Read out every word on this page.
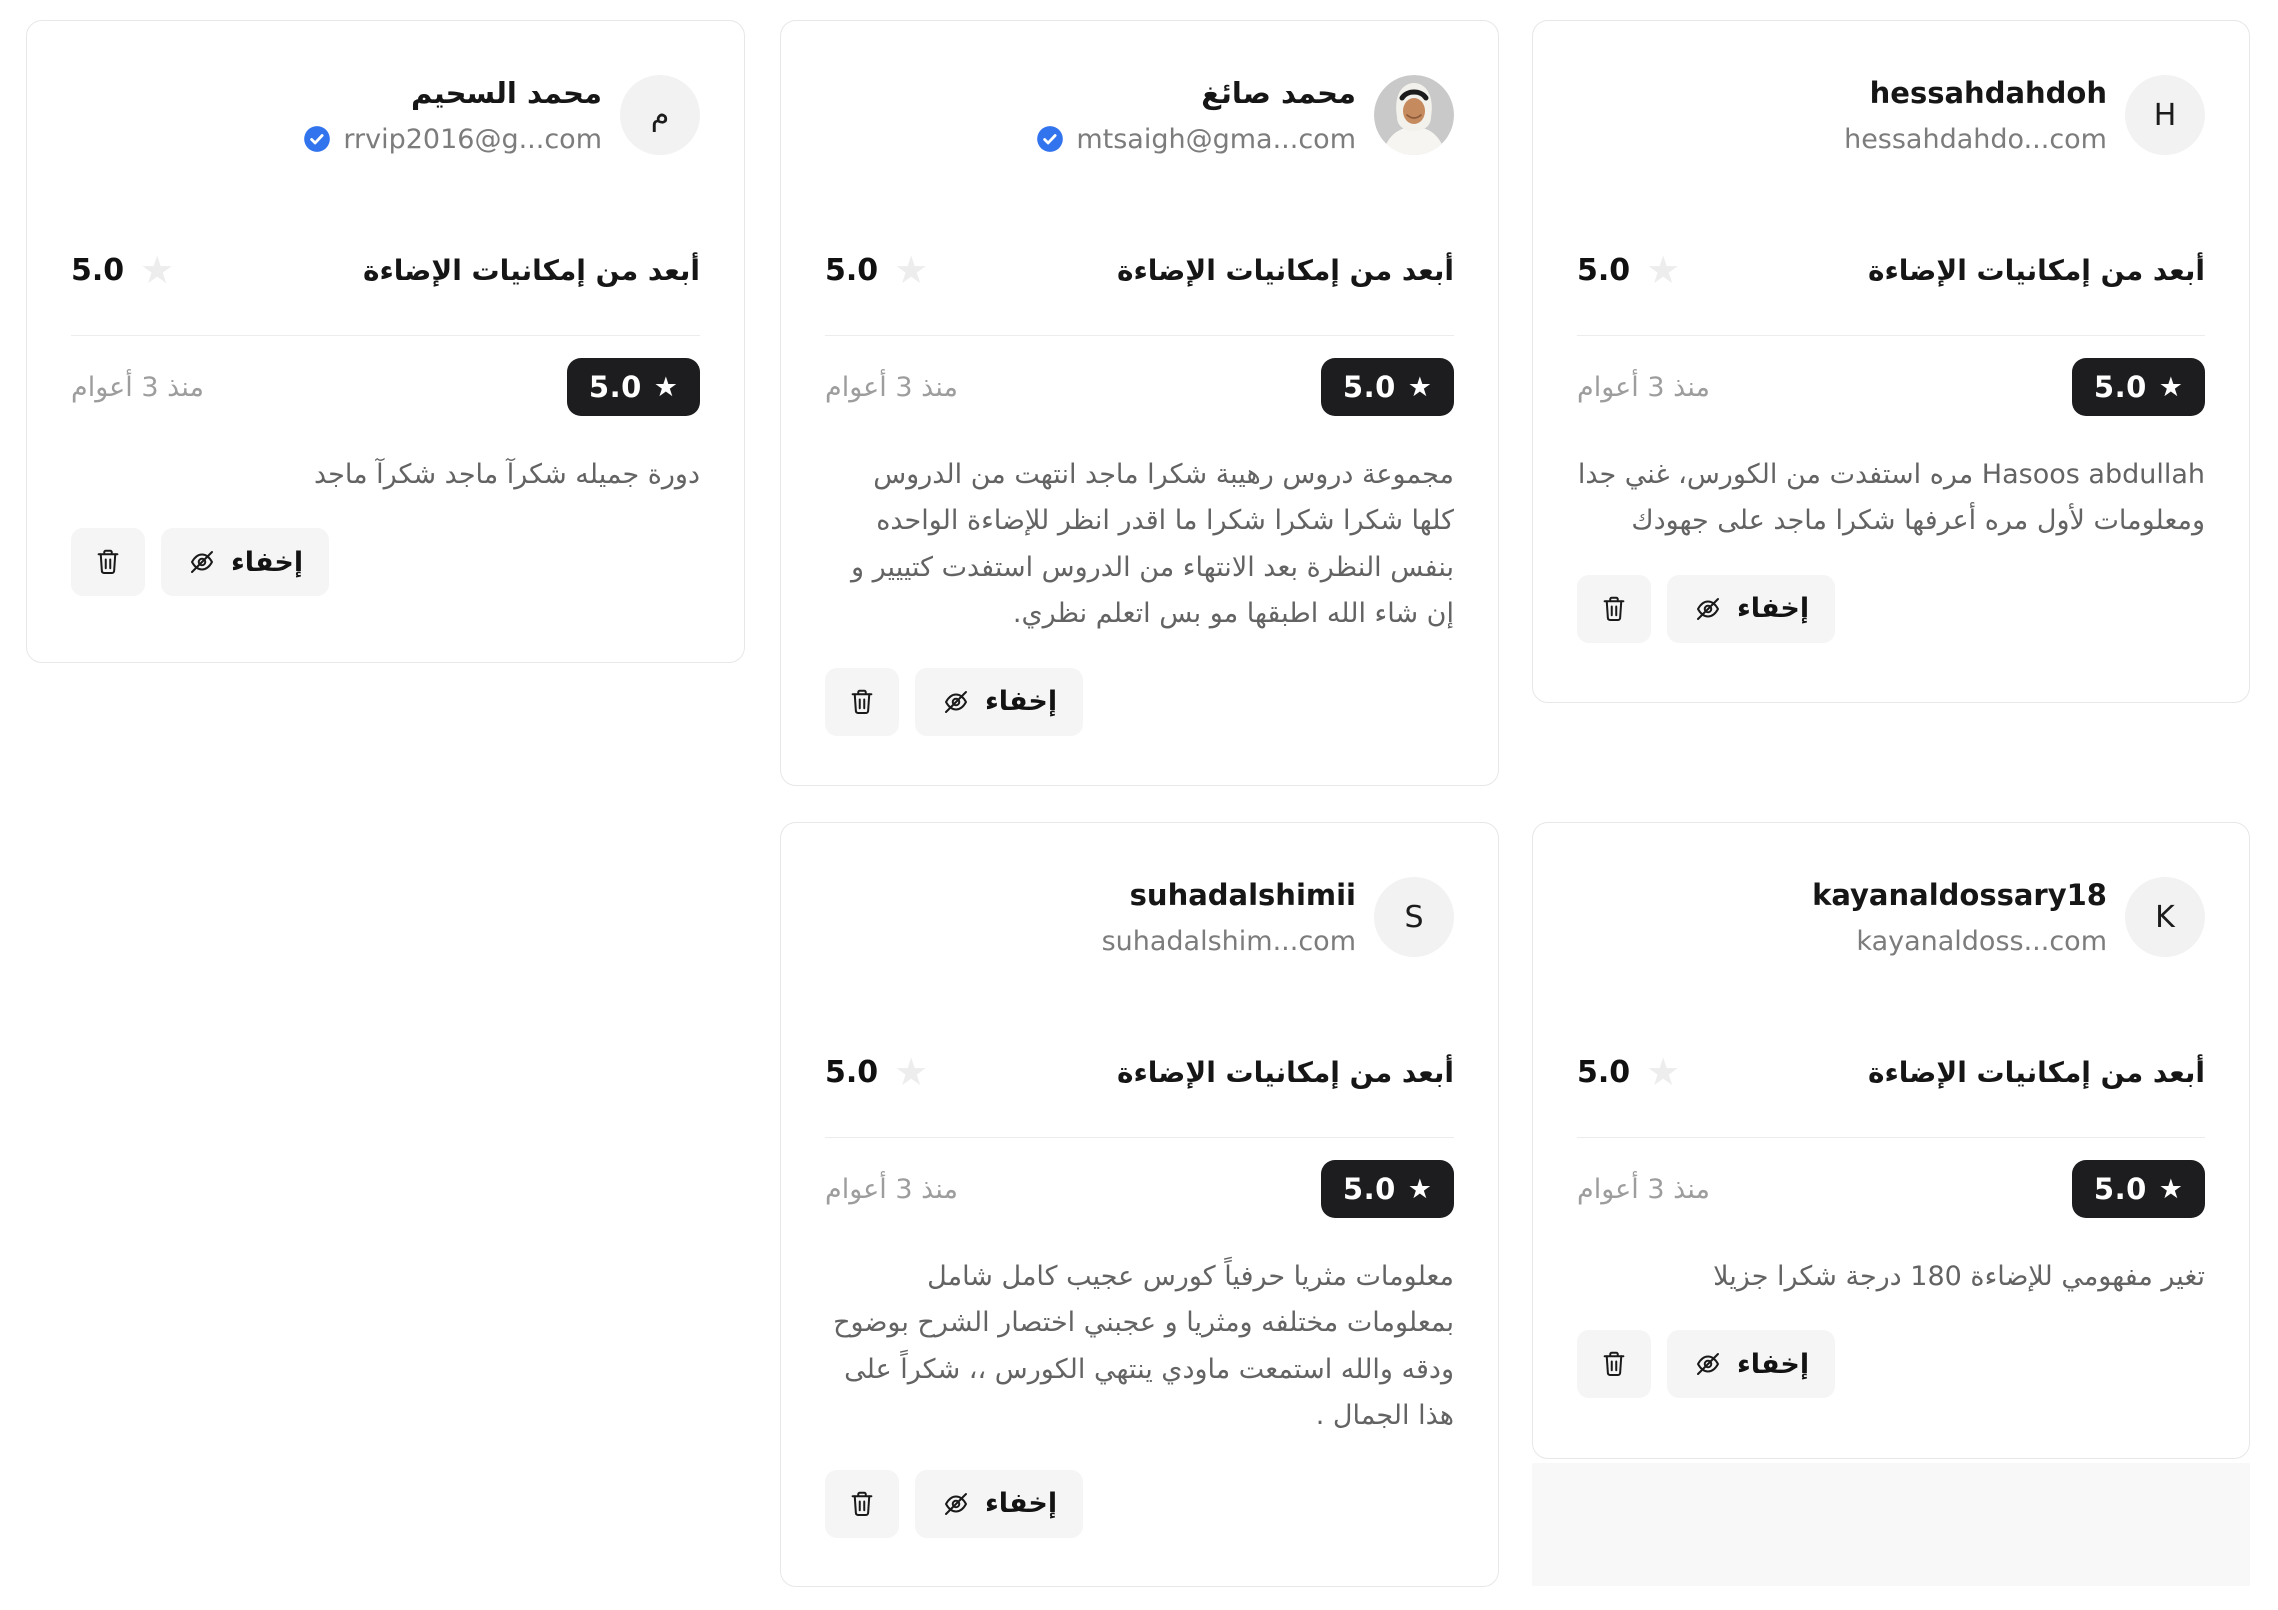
م
محمد السحيم
rrvip2016@g...com
أبعد من إمكانيات الإضاءة
5.0 ★
5.0 ★
منذ 3 أعوام

دورة جميله شكرآ ماجد شكرآ ماجد

إخفاء
محمد صائغ
mtsaigh@gma...com
أبعد من إمكانيات الإضاءة
5.0 ★
5.0 ★
منذ 3 أعوام

مجموعة دروس رهيبة شكرا ماجد انتهت من الدروس كلها شكرا شكرا شكرا ما اقدر انظر للإضاءة الواحده بنفس النظرة بعد الانتهاء من الدروس استفدت كتييير و إن شاء الله اطبقها مو بس اتعلم نظري.

إخفاء
H
hessahdahdoh
hessahdahdo...com
أبعد من إمكانيات الإضاءة
5.0 ★
5.0 ★
منذ 3 أعوام

Hasoos abdullah مره استفدت من الكورس، غني جدا ومعلومات لأول مره أعرفها شكرا ماجد على جهودك

إخفاء
S
suhadalshimii
suhadalshim...com
أبعد من إمكانيات الإضاءة
5.0 ★
5.0 ★
منذ 3 أعوام

معلومات مثريا حرفياً كورس عجيب كامل شامل بمعلومات مختلفه ومثريا و عجبني اختصار الشرح بوضوح ودقه والله استمعت ماودي ينتهي الكورس ،، شكراً على هذا الجمال .

إخفاء
K
kayanaldossary18
kayanaldoss...com
أبعد من إمكانيات الإضاءة
5.0 ★
5.0 ★
منذ 3 أعوام

تغير مفهومي للإضاءة 180 درجة شكرا جزيلا

إخفاء
